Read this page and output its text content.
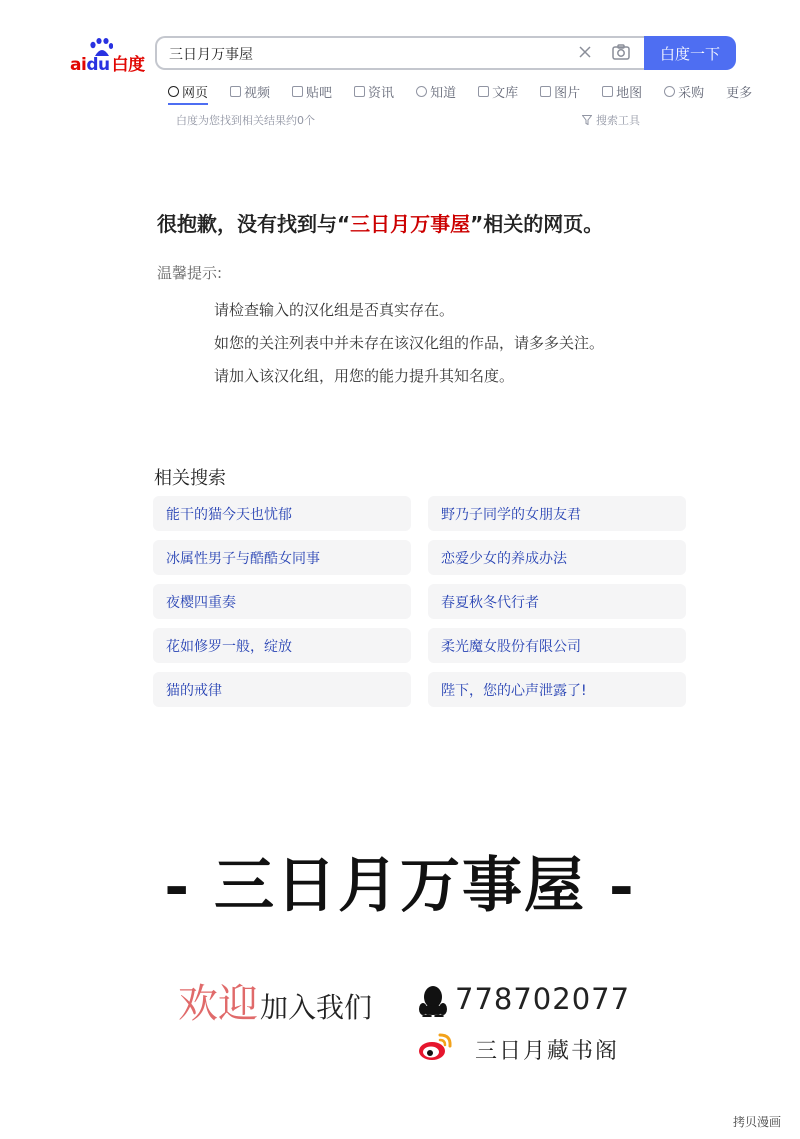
aidu 白度 三日月万事屋	白度一下
网页	视频	贴吧	资讯	知道	文库	图片	地图	采购 更多
白度为您找到相关结果约0个	搜索工具
很抱歉，没有找到与“三日月万事屋”相关的网页。
温馨提示:
请检查输入的汉化组是否真实存在。
如您的关注列表中并未存在该汉化组的作品，请多多关注。
请加入该汉化组，用您的能力提升其知名度。
相关搜索
能干的猫今天也忧郁	野乃子同学的女朋友君
冰属性男子与酷酷女同事	恋爱少女的养成办法
夜樱四重奏	春夏秋冬代行者
花如修罗一般，绽放	柔光魔女股份有限公司
猫的戒律	陛下，您的心声泄露了!
- 三日月万事屋 -
欢迎 加入我们	778702077
三日月藏书阁
拷贝漫画
